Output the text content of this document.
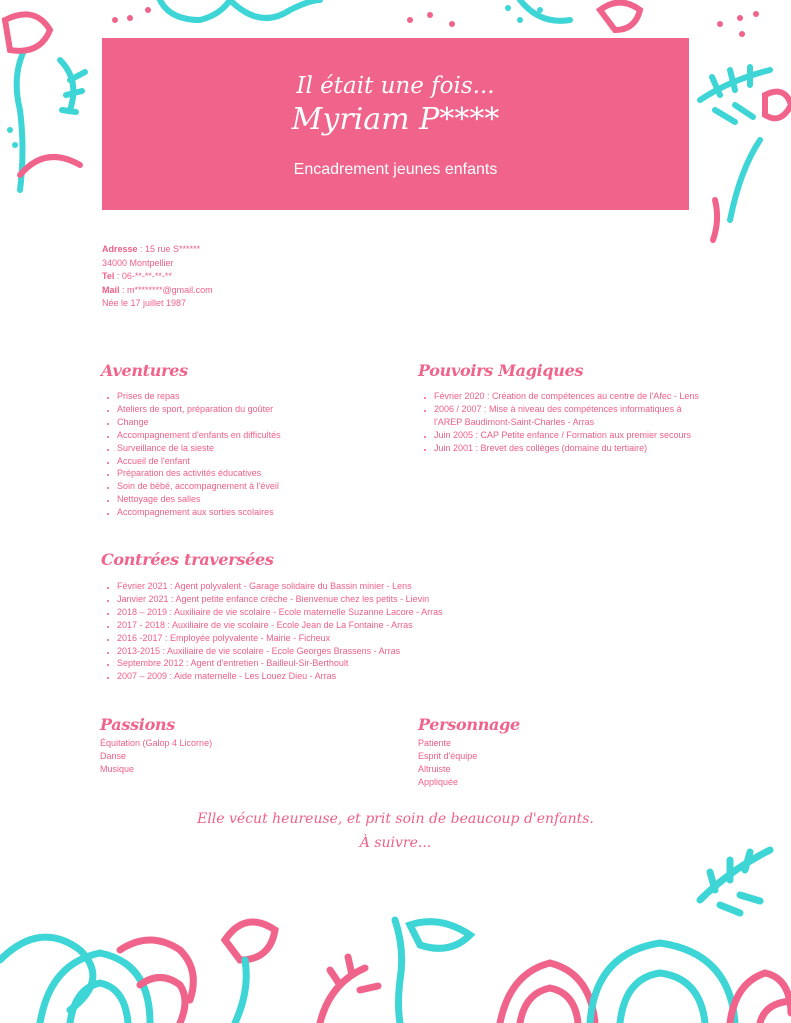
Il était une fois...
Myriam P****
Encadrement jeunes enfants
Adresse : 15 rue S******
34000 Montpellier
Tel : 06-**-**-**-**
Mail : m********@gmail.com
Née le 17 juillet 1987
Aventures
• Prises de repas
• Ateliers de sport, préparation du goûter
• Change
• Accompagnement d'enfants en difficultés
• Surveillance de la sieste
• Accueil de l'enfant
• Préparation des activités éducatives
• Soin de bébé, accompagnement à l'éveil
• Nettoyage des salles
• Accompagnement aux sorties scolaires
Pouvoirs Magiques
• Février 2020 : Création de compétences au centre de l'Afec - Lens
• 2006 / 2007 : Mise à niveau des compétences informatiques à l'AREP Baudimont-Saint-Charles - Arras
• Juin 2005 : CAP Petite enfance / Formation aux premier secours
• Juin 2001 : Brevet des collèges (domaine du tertiaire)
Contrées traversées
• Février 2021 : Agent polyvalent - Garage solidaire du Bassin minier - Lens
• Janvier 2021 : Agent petite enfance crèche - Bienvenue chez les petits - Lievin
• 2018 – 2019 : Auxiliaire de vie scolaire - Ecole maternelle Suzanne Lacore - Arras
• 2017 - 2018 : Auxiliaire de vie scolaire - Ecole Jean de La Fontaine - Arras
• 2016 -2017 : Employée polyvalente - Mairie - Ficheux
• 2013-2015 : Auxiliaire de vie scolaire - Ecole Georges Brassens - Arras
• Septembre 2012 : Agent d'entretien - Bailleul-Sir-Berthoult
• 2007 – 2009 : Aide maternelle - Les Louez Dieu - Arras
Passions
Équitation (Galop 4 Licorne)
Danse
Musique
Personnage
Patiente
Esprit d'équipe
Altruiste
Appliquée
Elle vécut heureuse, et prit soin de beaucoup d'enfants.
À suivre...
